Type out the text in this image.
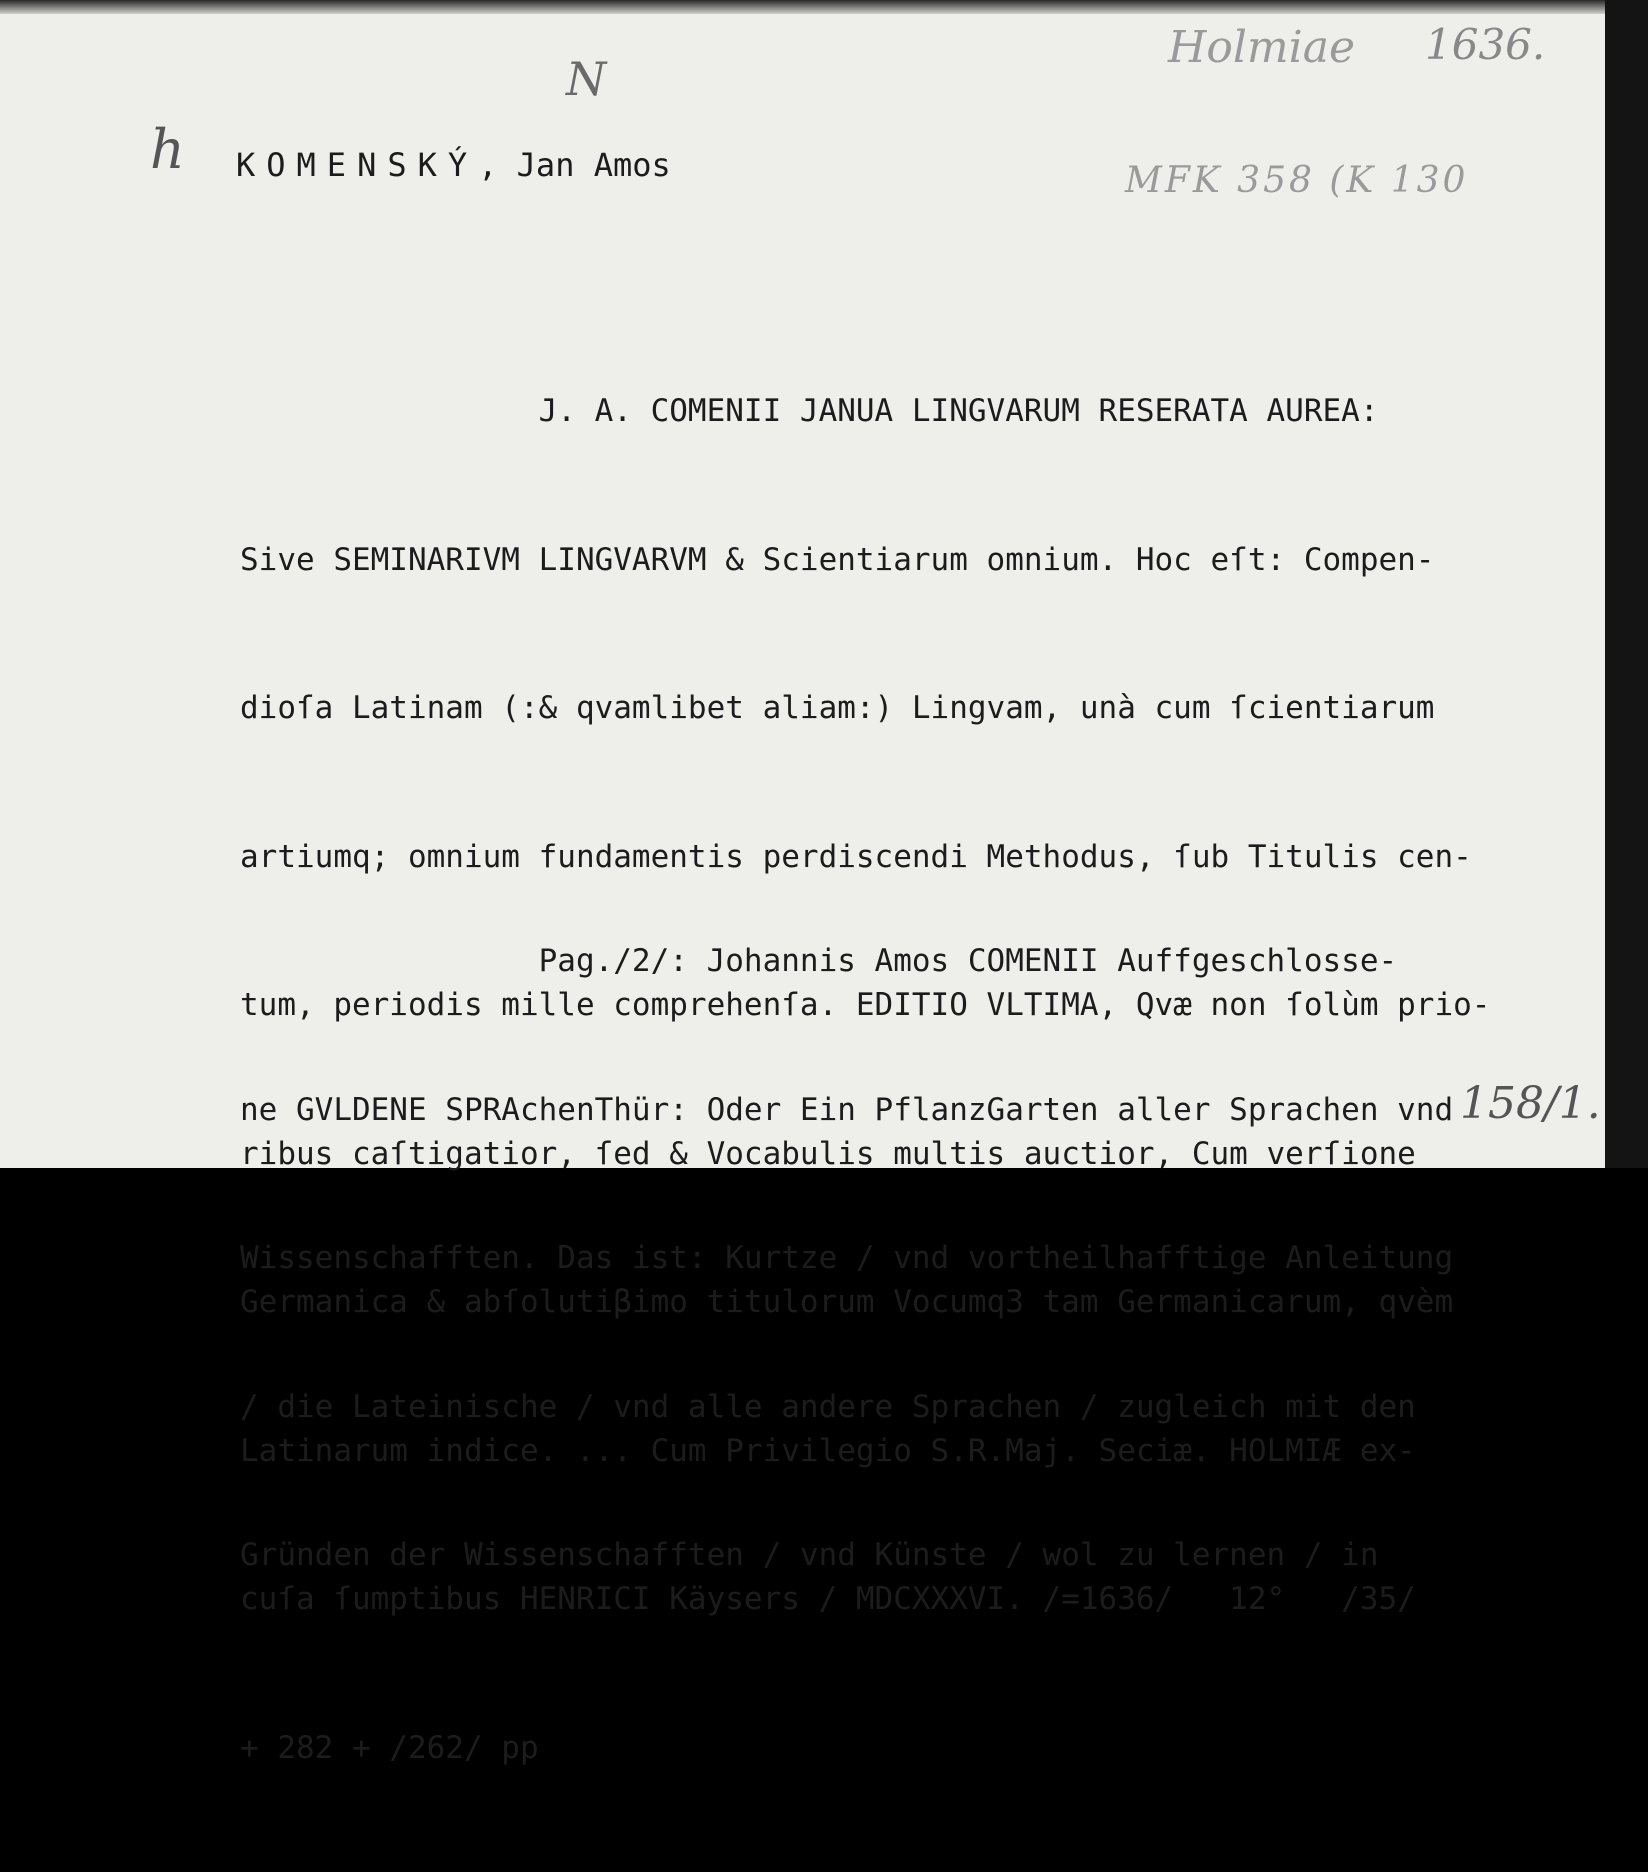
h
N
Holmiae 1636.
MFK 358 (K 130
KOMENSKÝ, Jan Amos

J. A. COMENII JANUA LINGVARUM RESERATA AUREA:

Sive SEMINARIVM LINGVARVM & Scientiarum omnium. Hoc eſt: Compen-

dioſa Latinam (:& qvamlibet aliam:) Lingvam, unà cum ſcientiarum

artiumq; omnium fundamentis perdiscendi Methodus, ſub Titulis cen-

tum, periodis mille comprehenſa. EDITIO VLTIMA, Qvæ non ſolùm prio-

ribus caſtigatior, ſed & Vocabulis multis auctior, Cum verſione

Germanica & abſolutiβimo titulorum Vocumq3 tam Germanicarum, qvèm

Latinarum indice. ... Cum Privilegio S.R.Maj. Seciæ. HOLMIÆ ex-

cuſa ſumptibus HENRICI Käysers / MDCXXXVI. /=1636/   12°   /35/

+ 282 + /262/ pp

Pag./2/: Johannis Amos COMENII Auffgeschlosse-

ne GVLDENE SPRAchenThür: Oder Ein PflanzGarten aller Sprachen vnd

Wissenschafften. Das ist: Kurtze / vnd vortheilhafftige Anleitung

/ die Lateinische / vnd alle andere Sprachen / zugleich mit den

Gründen der Wissenschafften / vnd Künste / wol zu lernen / in

158/1.
